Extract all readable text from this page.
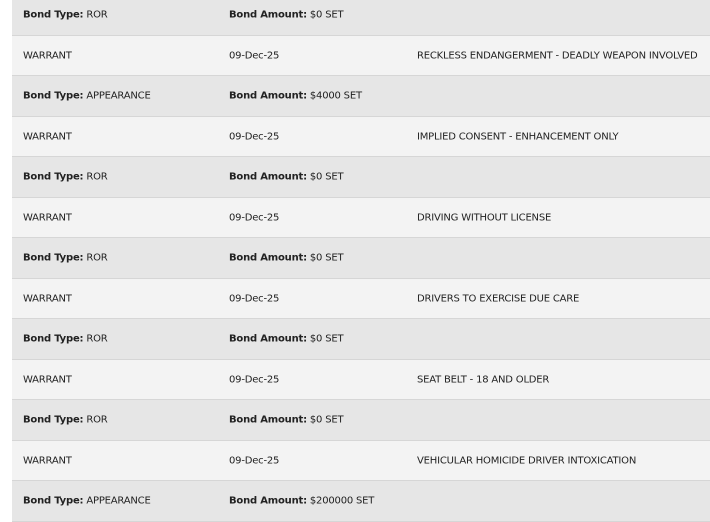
Bond Type: ROR	Bond Amount: $0 SET
WARRANT	09-Dec-25	RECKLESS ENDANGERMENT - DEADLY WEAPON INVOLVED
Bond Type: APPEARANCE	Bond Amount: $4000 SET
WARRANT	09-Dec-25	IMPLIED CONSENT - ENHANCEMENT ONLY
Bond Type: ROR	Bond Amount: $0 SET
WARRANT	09-Dec-25	DRIVING WITHOUT LICENSE
Bond Type: ROR	Bond Amount: $0 SET
WARRANT	09-Dec-25	DRIVERS TO EXERCISE DUE CARE
Bond Type: ROR	Bond Amount: $0 SET
WARRANT	09-Dec-25	SEAT BELT - 18 AND OLDER
Bond Type: ROR	Bond Amount: $0 SET
WARRANT	09-Dec-25	VEHICULAR HOMICIDE DRIVER INTOXICATION
Bond Type: APPEARANCE	Bond Amount: $200000 SET
